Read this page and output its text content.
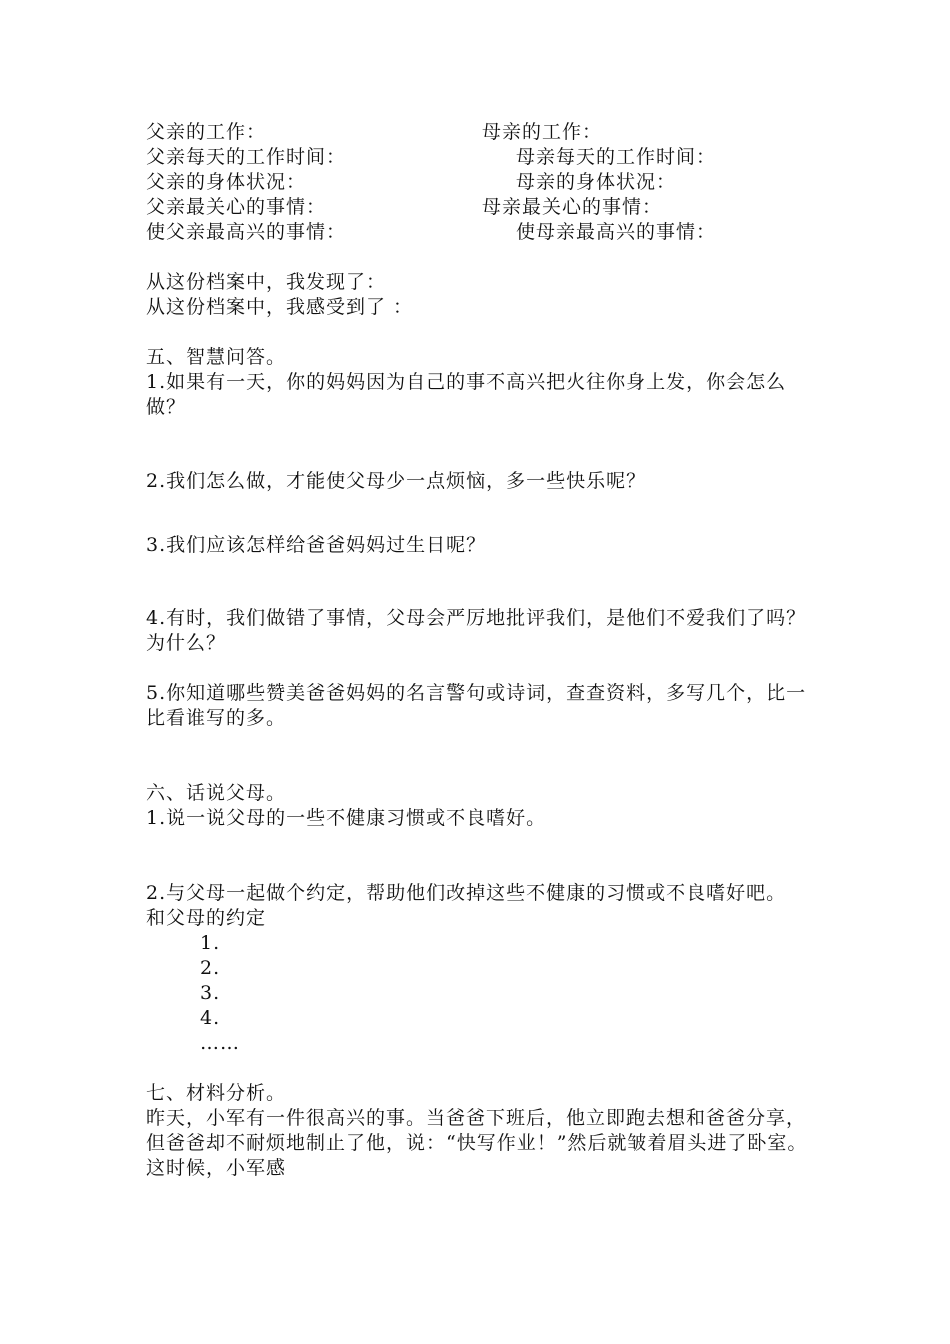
父亲的工作：	母亲的工作：
父亲每天的工作时间：	母亲每天的工作时间：
父亲的身体状况：	母亲的身体状况：
父亲最关心的事情：	母亲最关心的事情：
使父亲最高兴的事情：	使母亲最高兴的事情：
从这份档案中，我发现了：
从这份档案中，我感受到了 ：
五、智慧问答。
1.如果有一天，你的妈妈因为自己的事不高兴把火往你身上发，你会怎么做？
2.我们怎么做，才能使父母少一点烦恼，多一些快乐呢？
3.我们应该怎样给爸爸妈妈过生日呢？
4.有时，我们做错了事情，父母会严厉地批评我们，是他们不爱我们了吗？为什么？
5.你知道哪些赞美爸爸妈妈的名言警句或诗词，查查资料，多写几个，比一比看谁写的多。
六、话说父母。
1.说一说父母的一些不健康习惯或不良嗜好。
2.与父母一起做个约定，帮助他们改掉这些不健康的习惯或不良嗜好吧。
和父母的约定
1.
2.
3.
4.
……
七、材料分析。
昨天，小军有一件很高兴的事。当爸爸下班后，他立即跑去想和爸爸分享，但爸爸却不耐烦地制止了他，说：“快写作业！”然后就皱着眉头进了卧室。这时候，小军感
